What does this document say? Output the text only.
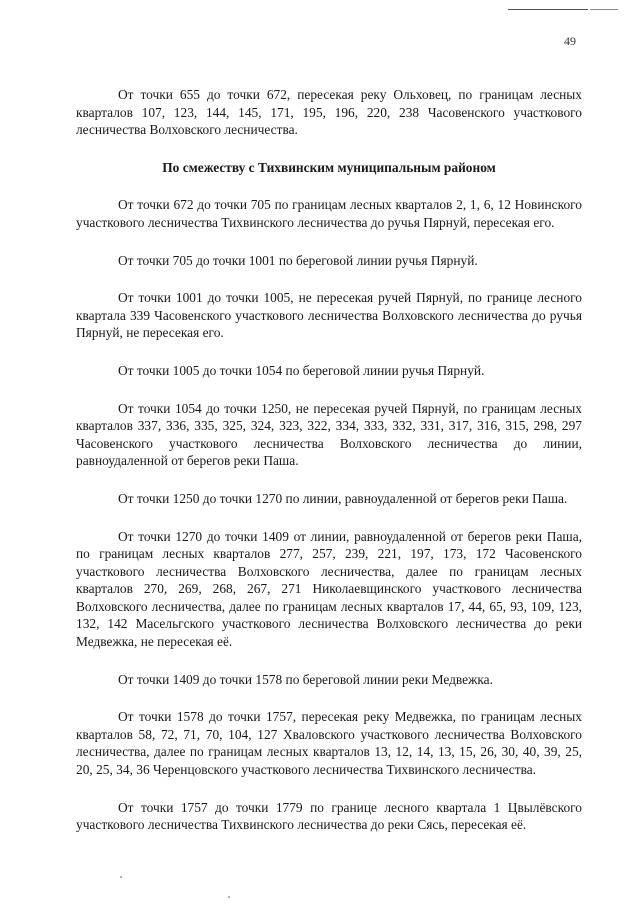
49

От точки 655 до точки 672, пересекая реку Ольховец, по границам лесных кварталов 107, 123, 144, 145, 171, 195, 196, 220, 238 Часовенского участкового лесничества Волховского лесничества.

По смежеству с Тихвинским муниципальным районом

От точки 672 до точки 705 по границам лесных кварталов 2, 1, 6, 12 Новинского участкового лесничества Тихвинского лесничества до ручья Пярнуй, пересекая его.

От точки 705 до точки 1001 по береговой линии ручья Пярнуй.

От точки 1001 до точки 1005, не пересекая ручей Пярнуй, по границе лесного квартала 339 Часовенского участкового лесничества Волховского лесничества до ручья Пярнуй, не пересекая его.

От точки 1005 до точки 1054 по береговой линии ручья Пярнуй.

От точки 1054 до точки 1250, не пересекая ручей Пярнуй, по границам лесных кварталов 337, 336, 335, 325, 324, 323, 322, 334, 333, 332, 331, 317, 316, 315, 298, 297 Часовенского участкового лесничества Волховского лесничества до линии, равноудаленной от берегов реки Паша.

От точки 1250 до точки 1270 по линии, равноудаленной от берегов реки Паша.

От точки 1270 до точки 1409 от линии, равноудаленной от берегов реки Паша, по границам лесных кварталов 277, 257, 239, 221, 197, 173, 172 Часовенского участкового лесничества Волховского лесничества, далее по границам лесных кварталов 270, 269, 268, 267, 271 Николаевщинского участкового лесничества Волховского лесничества, далее по границам лесных кварталов 17, 44, 65, 93, 109, 123, 132, 142 Масельгского участкового лесничества Волховского лесничества до реки Медвежка, не пересекая её.

От точки 1409 до точки 1578 по береговой линии реки Медвежка.

От точки 1578 до точки 1757, пересекая реку Медвежка, по границам лесных кварталов 58, 72, 71, 70, 104, 127 Хваловского участкового лесничества Волховского лесничества, далее по границам лесных кварталов 13, 12, 14, 13, 15, 26, 30, 40, 39, 25, 20, 25, 34, 36 Черенцовского участкового лесничества Тихвинского лесничества.

От точки 1757 до точки 1779 по границе лесного квартала 1 Цвылёвского участкового лесничества Тихвинского лесничества до реки Сясь, пересекая её.
